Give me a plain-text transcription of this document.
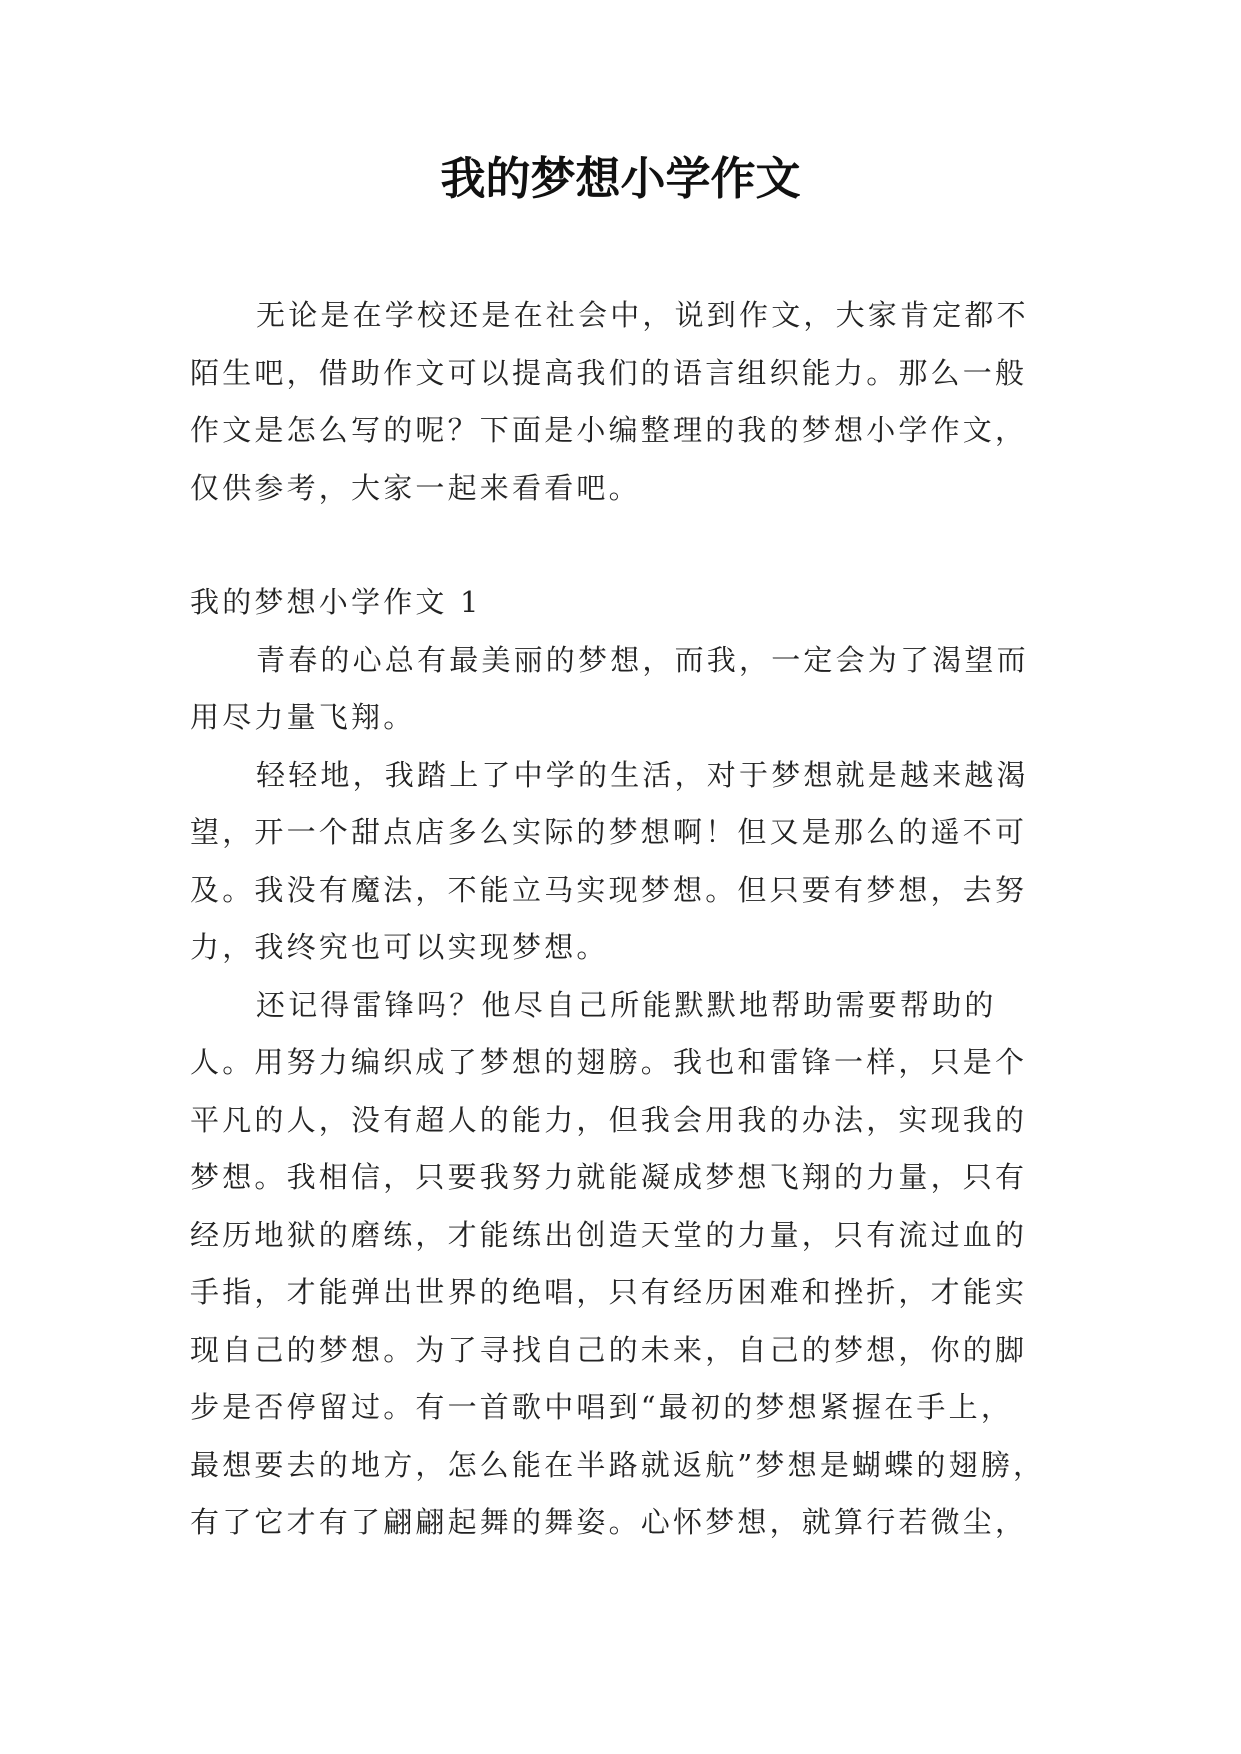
我的梦想小学作文
无论是在学校还是在社会中，说到作文，大家肯定都不
陌生吧，借助作文可以提高我们的语言组织能力。那么一般
作文是怎么写的呢？下面是小编整理的我的梦想小学作文，
仅供参考，大家一起来看看吧。
我的梦想小学作文 1
青春的心总有最美丽的梦想，而我，一定会为了渴望而
用尽力量飞翔。
轻轻地，我踏上了中学的生活，对于梦想就是越来越渴
望，开一个甜点店多么实际的梦想啊！但又是那么的遥不可
及。我没有魔法，不能立马实现梦想。但只要有梦想，去努
力，我终究也可以实现梦想。
还记得雷锋吗？他尽自己所能默默地帮助需要帮助的
人。用努力编织成了梦想的翅膀。我也和雷锋一样，只是个
平凡的人，没有超人的能力，但我会用我的办法，实现我的
梦想。我相信，只要我努力就能凝成梦想飞翔的力量，只有
经历地狱的磨练，才能练出创造天堂的力量，只有流过血的
手指，才能弹出世界的绝唱，只有经历困难和挫折，才能实
现自己的梦想。为了寻找自己的未来，自己的梦想，你的脚
步是否停留过。有一首歌中唱到“最初的梦想紧握在手上，
最想要去的地方，怎么能在半路就返航”梦想是蝴蝶的翅膀，
有了它才有了翩翩起舞的舞姿。心怀梦想，就算行若微尘，
